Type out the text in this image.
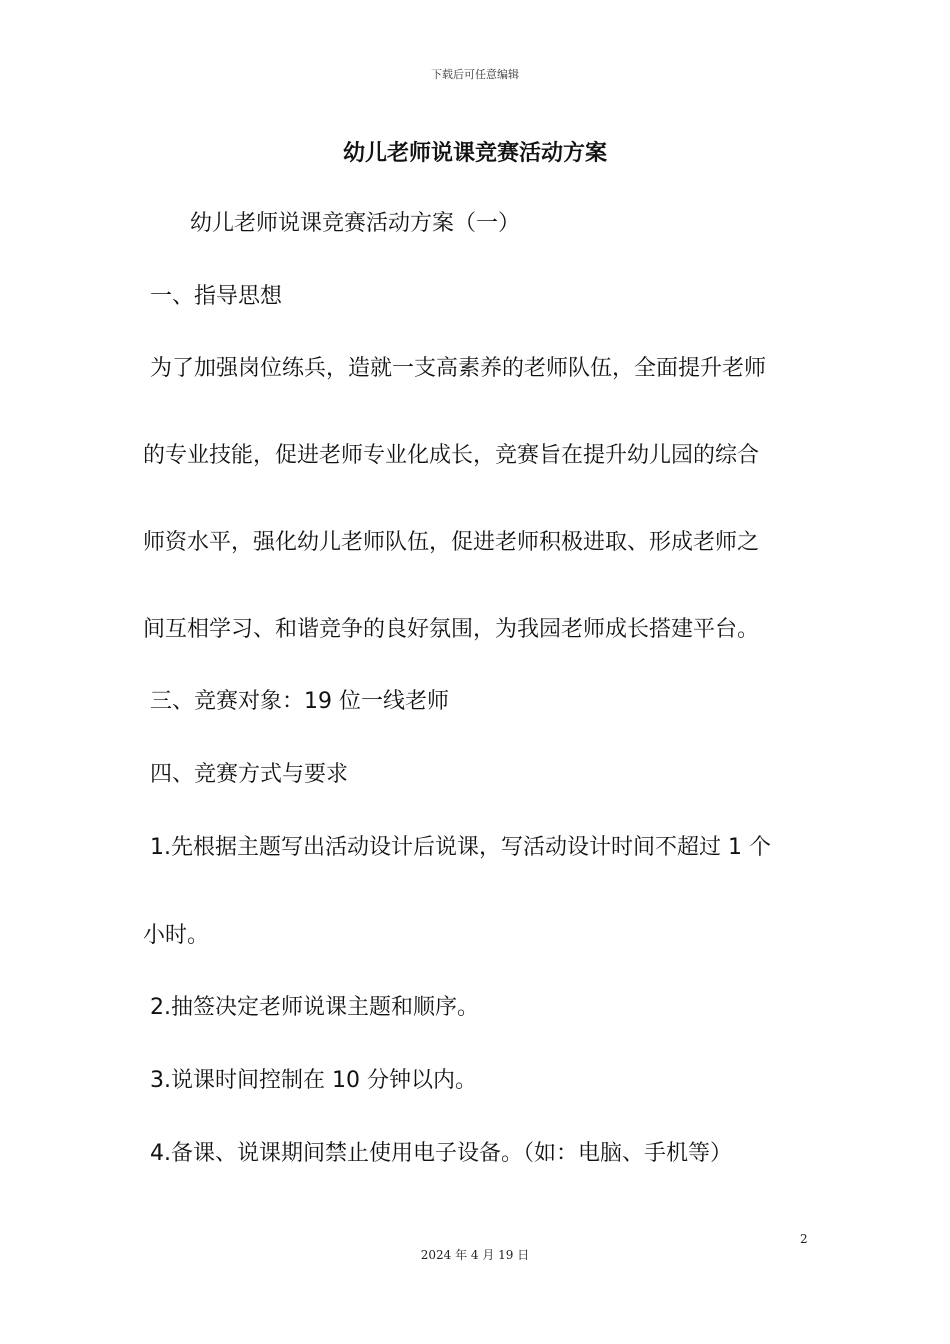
下载后可任意编辑
幼儿老师说课竞赛活动方案
幼儿老师说课竞赛活动方案（一）
一、指导思想
为了加强岗位练兵，造就一支高素养的老师队伍，全面提升老师
的专业技能，促进老师专业化成长，竞赛旨在提升幼儿园的综合
师资水平，强化幼儿老师队伍，促进老师积极进取、形成老师之
间互相学习、和谐竞争的良好氛围，为我园老师成长搭建平台。
三、竞赛对象：19 位一线老师
四、竞赛方式与要求
1.先根据主题写出活动设计后说课，写活动设计时间不超过 1 个
小时。
2.抽签决定老师说课主题和顺序。
3.说课时间控制在 10 分钟以内。
4.备课、说课期间禁止使用电子设备。（如：电脑、手机等）
2
2024 年 4 月 19 日
